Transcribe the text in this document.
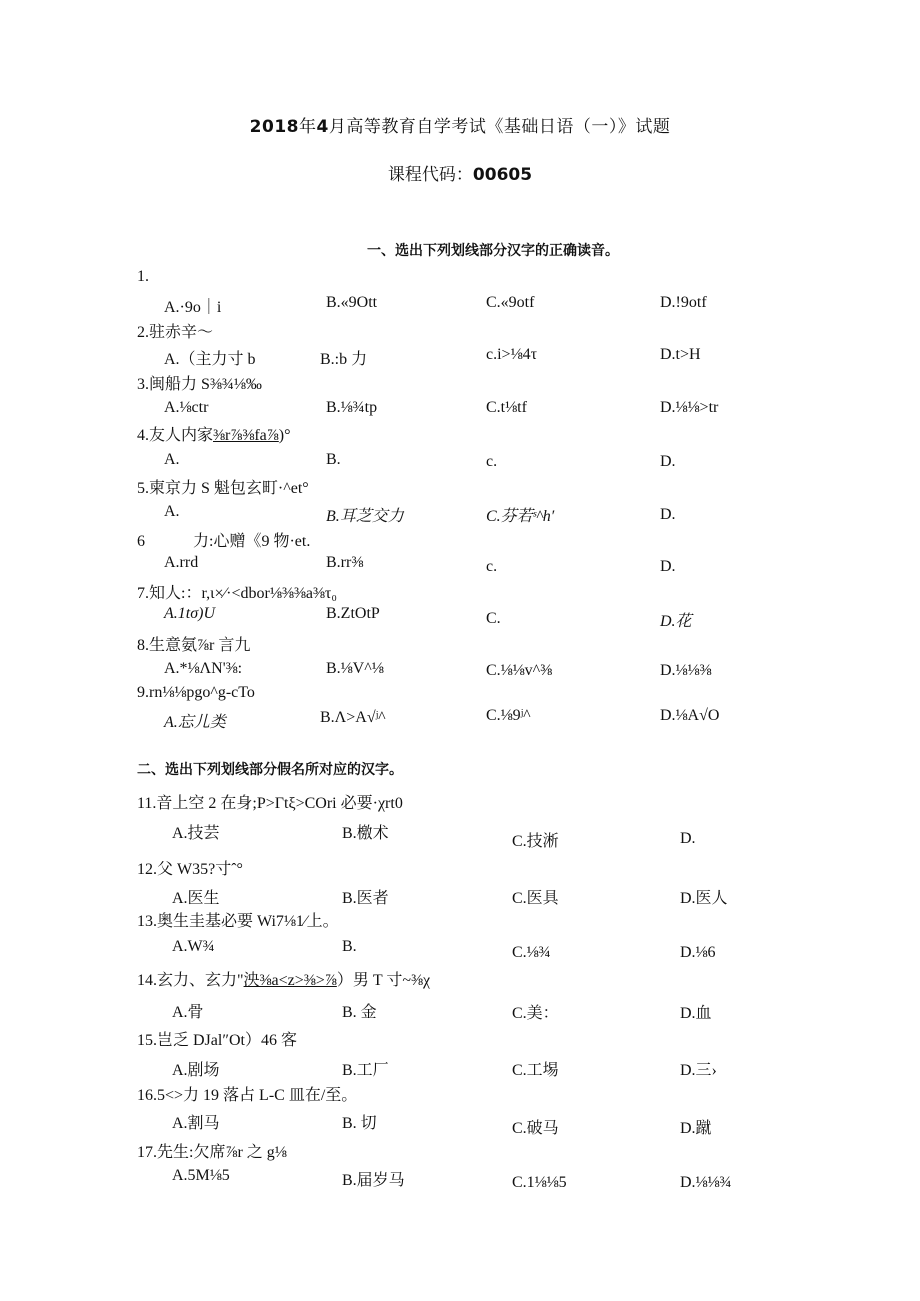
2018年4月高等教育自学考试《基础日语（一）》试题
课程代码：00605
一、选出下列划线部分汉字的正确读音。
1.
A.·9o｜i	B.«9Ott	C.«9otf	D.!9otf
2.驻赤辛～
A.（主力寸 b	B.:b 力	c.i>⅛4τ	D.t>H
3.闽船力 S⅜¾⅛‰
A.⅛ctr	B.⅛¾tp	C.t⅛tf	D.⅛⅛>tr
4.友人内家⅜r⅞⅜fa⅞)°
A.	B.	c.	D.
5.柬京力 S 魁包玄町·^et°
A.	B.耳芝交力	C.芬若ˢ^h′	D.
6　　　力:心赠《9 物·et.
A.rrd	B.rr⅜	c.	D.
7.知人:：r,ι×⁄·<dbor⅛⅜⅜a⅜τ₀
A.1tσ)U	B.ZtOtP	C.	D.花
8.生意氨⅞r 言九
A.*⅛ΛN'⅜:	B.⅛V^⅛	C.⅛⅛v^⅜	D.⅛⅛⅜
9.rn⅛⅛pgo^g-cTo
A.忘儿类	B.Λ>A√ʲ^	C.⅛9ʲ^	D.⅛A√O
二、选出下列划线部分假名所对应的汉字。
11.音上空 2 在身;P>Γtξ>COri 必要·χrt0
A.技芸	B.檄术	C.技淅	D.
12.父 W35?寸ˆ°
A.医生	B.医者	C.医具	D.医人
13.奥生圭基必要 Wi7⅛1⁄上。
A.W¾	B.	C.⅛¾	D.⅛6
14.玄力、玄力"泱⅜a<z>⅜>⅞）男 T 寸~⅜χ
A.骨	B. 金	C.美：	D.血
15.岂乏 DJal″Ot）46 客
A.剧场	B.工厂	C.工埸	D.三›
16.5<>力 19 落占 L-C 皿在/至。
A.割马	B. 切	C.破马	D.蹴
17.先生:欠席⅞r 之 g⅛
A.5M⅛5	B.届岁马	C.1⅛⅛5	D.⅛⅛¾
